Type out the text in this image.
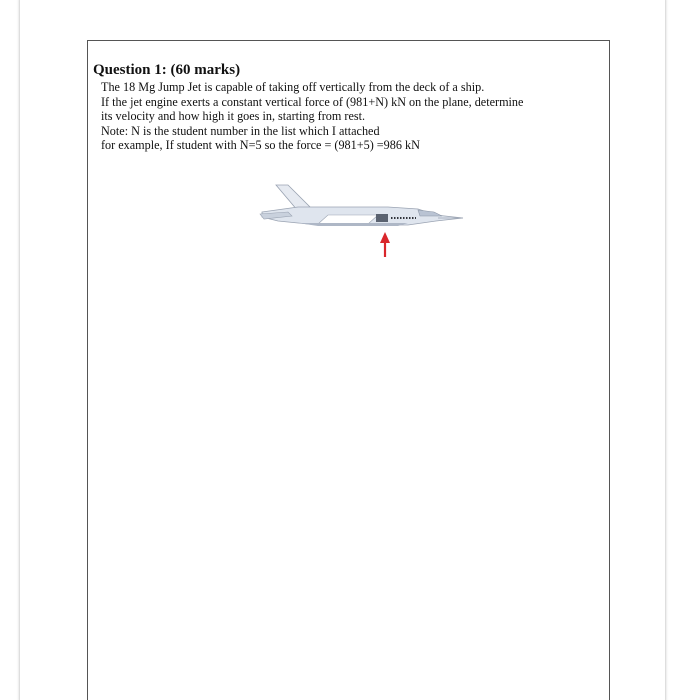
Question 1: (60 marks)
The 18 Mg Jump Jet is capable of taking off vertically from the deck of a ship.
If the jet engine exerts a constant vertical force of (981+N) kN on the plane, determine
its velocity and how high it goes in, starting from rest.
Note: N is the student number in the list which I attached
for example, If student with N=5 so the force = (981+5) =986 kN
